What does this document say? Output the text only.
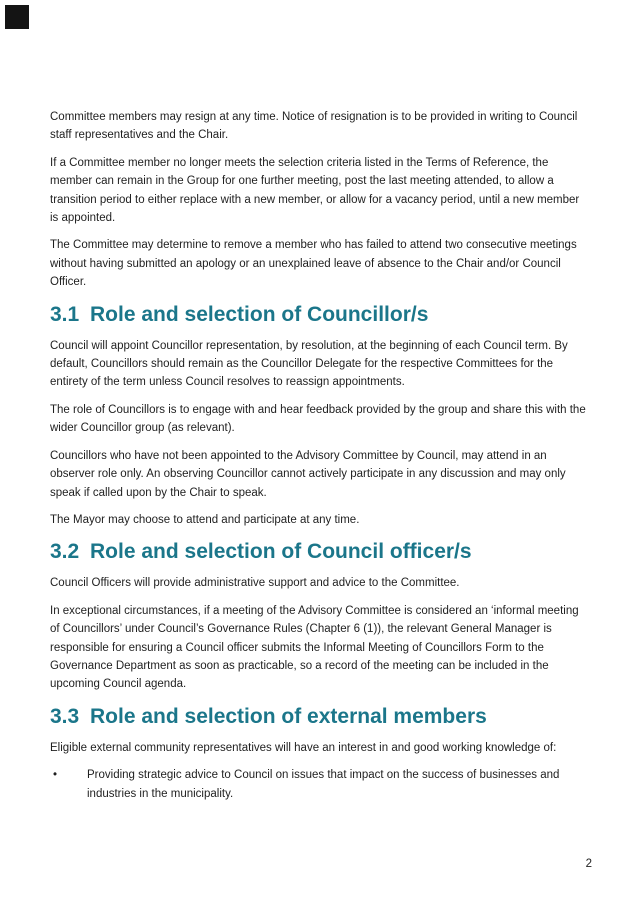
Committee members may resign at any time. Notice of resignation is to be provided in writing to Council staff representatives and the Chair.

If a Committee member no longer meets the selection criteria listed in the Terms of Reference, the member can remain in the Group for one further meeting, post the last meeting attended, to allow a transition period to either replace with a new member, or allow for a vacancy period, until a new member is appointed.

The Committee may determine to remove a member who has failed to attend two consecutive meetings without having submitted an apology or an unexplained leave of absence to the Chair and/or Council Officer.

3.1 Role and selection of Councillor/s

Council will appoint Councillor representation, by resolution, at the beginning of each Council term. By default, Councillors should remain as the Councillor Delegate for the respective Committees for the entirety of the term unless Council resolves to reassign appointments.

The role of Councillors is to engage with and hear feedback provided by the group and share this with the wider Councillor group (as relevant).

Councillors who have not been appointed to the Advisory Committee by Council, may attend in an observer role only. An observing Councillor cannot actively participate in any discussion and may only speak if called upon by the Chair to speak.

The Mayor may choose to attend and participate at any time.

3.2 Role and selection of Council officer/s

Council Officers will provide administrative support and advice to the Committee.

In exceptional circumstances, if a meeting of the Advisory Committee is considered an ‘informal meeting of Councillors’ under Council’s Governance Rules (Chapter 6 (1)), the relevant General Manager is responsible for ensuring a Council officer submits the Informal Meeting of Councillors Form to the Governance Department as soon as practicable, so a record of the meeting can be included in the upcoming Council agenda.

3.3 Role and selection of external members

Eligible external community representatives will have an interest in and good working knowledge of:

•	Providing strategic advice to Council on issues that impact on the success of businesses and industries in the municipality.
2
